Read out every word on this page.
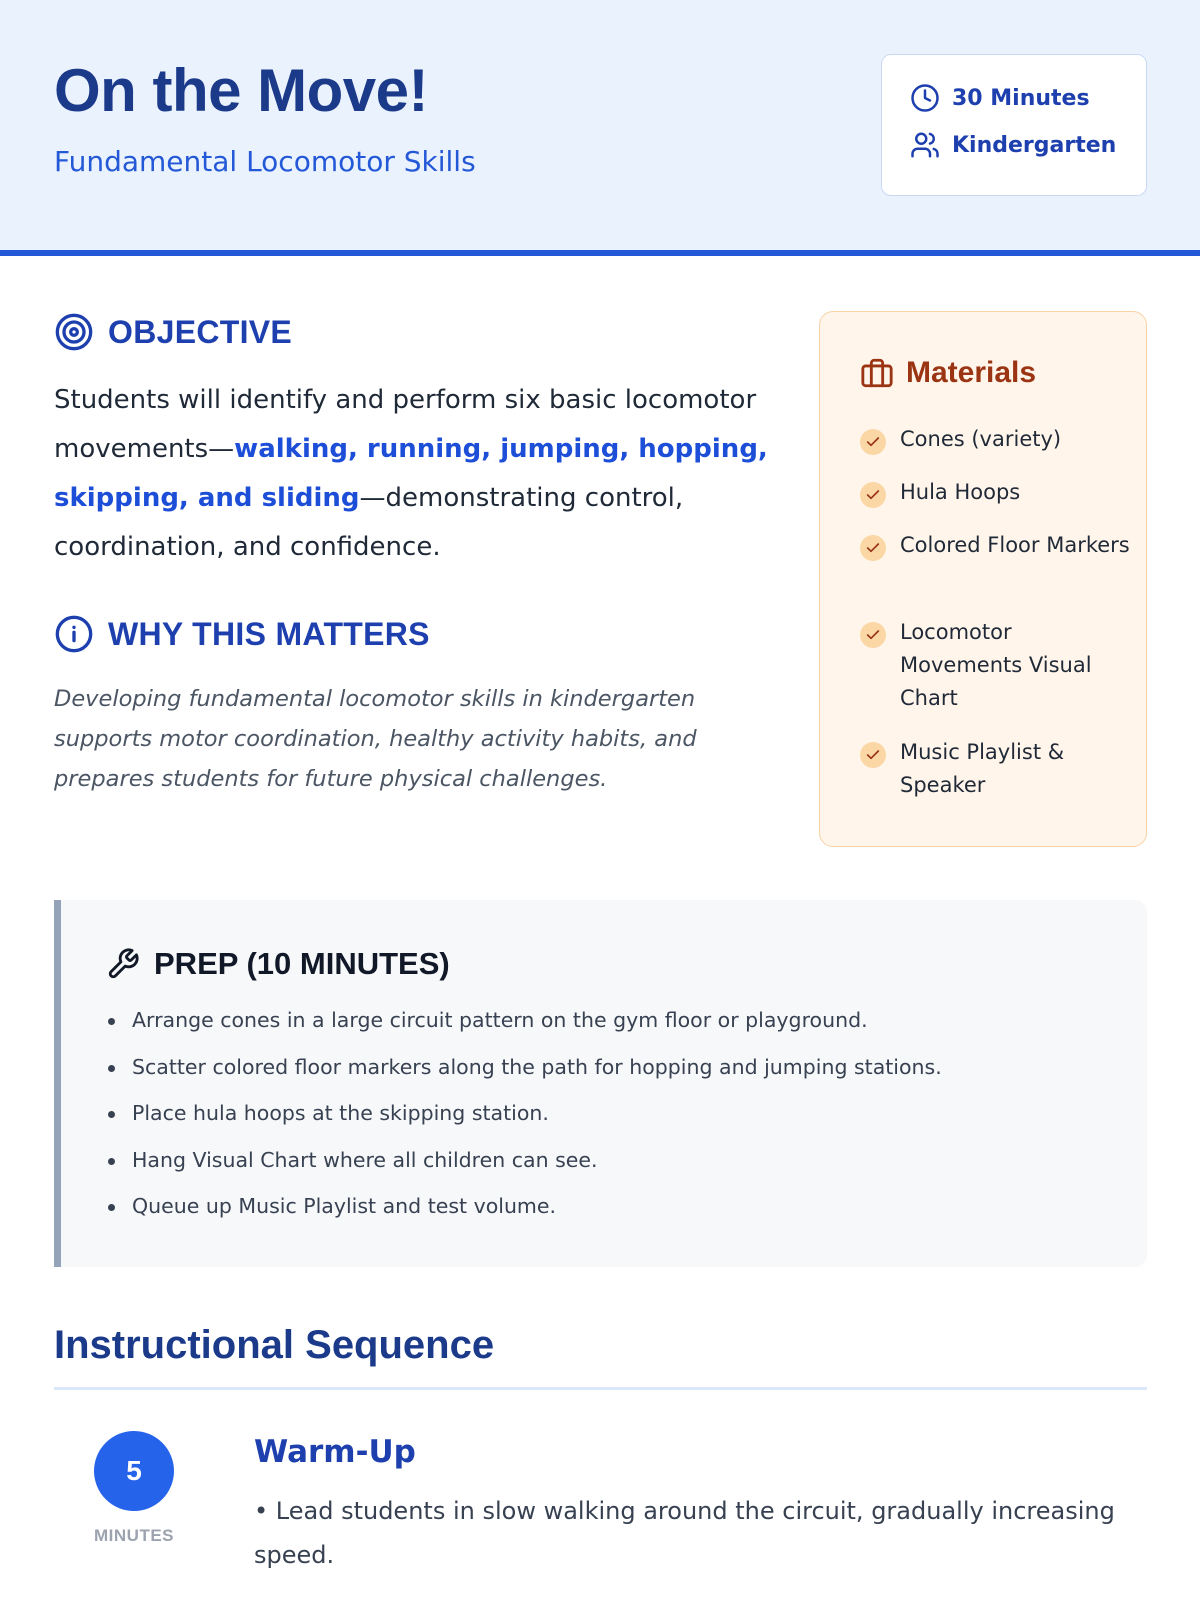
On the Move!
Fundamental Locomotor Skills
30 Minutes
Kindergarten
OBJECTIVE

Students will identify and perform six basic locomotor movements—walking, running, jumping, hopping, skipping, and sliding—demonstrating control, coordination, and confidence.

WHY THIS MATTERS

Developing fundamental locomotor skills in kindergarten supports motor coordination, healthy activity habits, and prepares students for future physical challenges.

Materials
Cones (variety)
Hula Hoops
Colored Floor Markers
Locomotor Movements Visual Chart
Music Playlist & Speaker
PREP (10 MINUTES)
Arrange cones in a large circuit pattern on the gym floor or playground.
Scatter colored floor markers along the path for hopping and jumping stations.
Place hula hoops at the skipping station.
Hang Visual Chart where all children can see.
Queue up Music Playlist and test volume.
Instructional Sequence
5
MINUTES
Warm-Up

• Lead students in slow walking around the circuit, gradually increasing speed.
